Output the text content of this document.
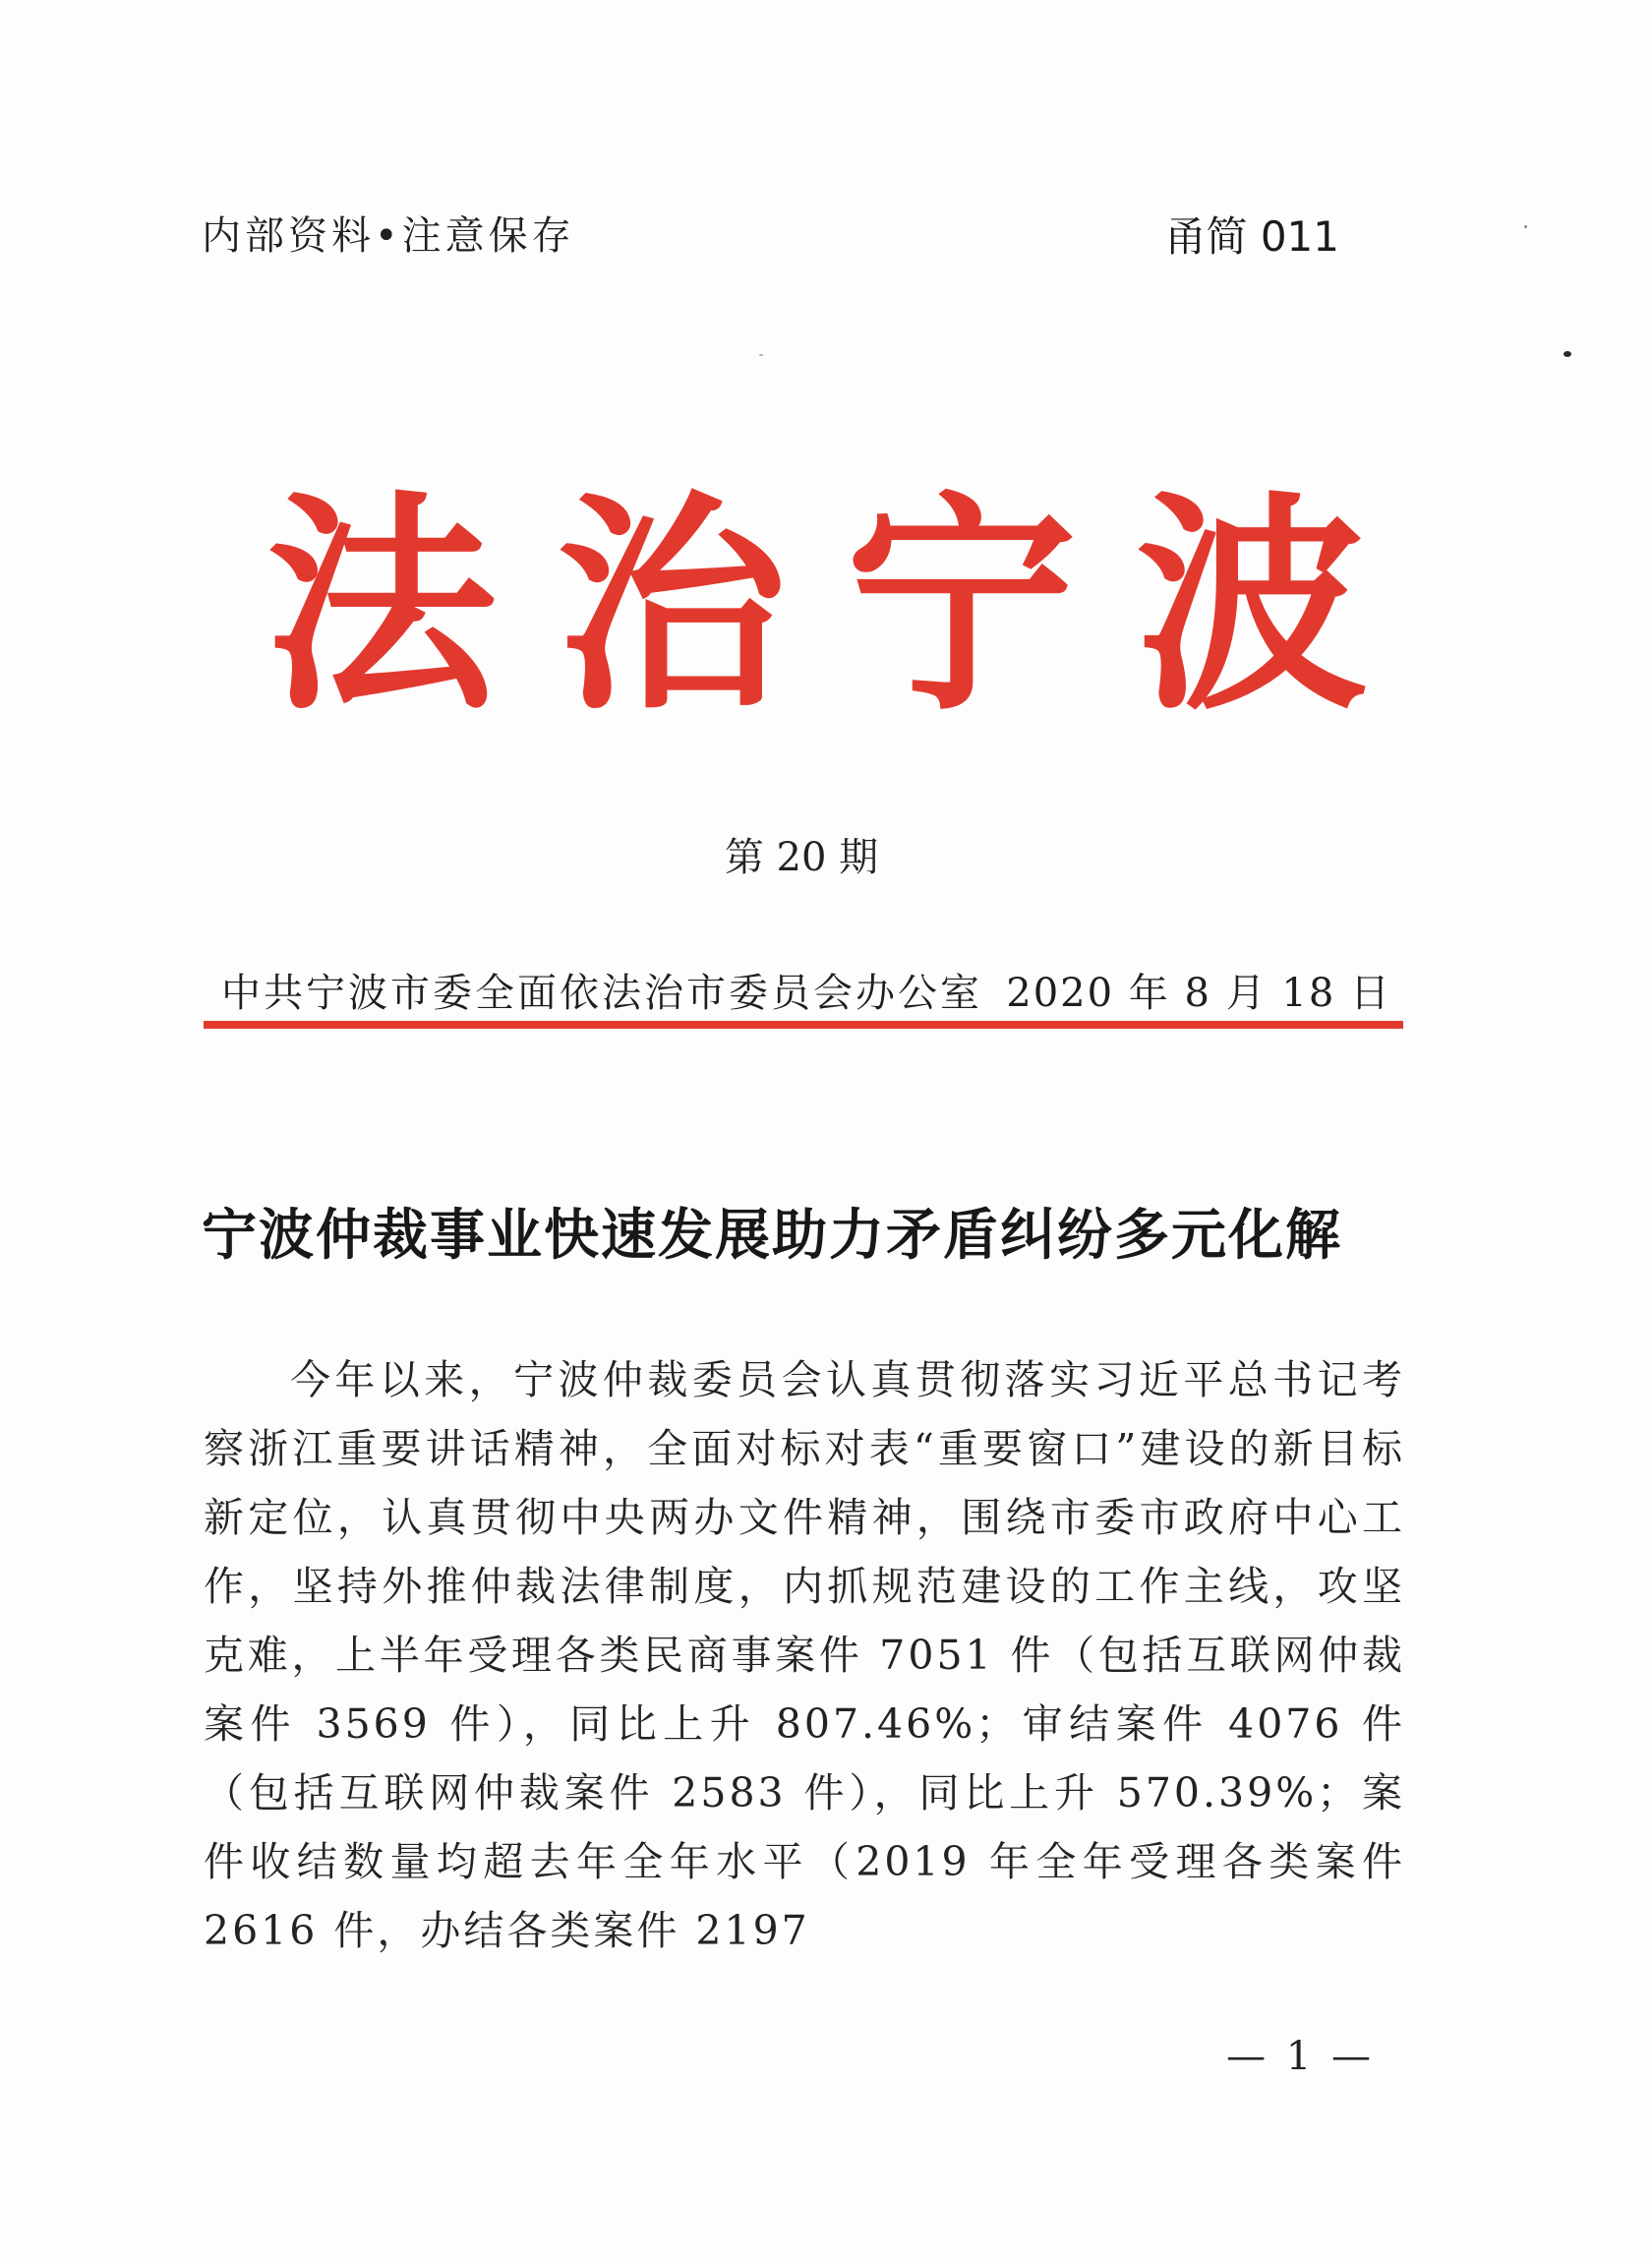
内部资料•注意保存	甬简 011
法治宁波
第 20 期
中共宁波市委全面依法治市委员会办公室 2020 年 8 月 18 日
宁波仲裁事业快速发展助力矛盾纠纷多元化解

今年以来，宁波仲裁委员会认真贯彻落实习近平总书记考察浙江重要讲话精神，全面对标对表“重要窗口”建设的新目标新定位，认真贯彻中央两办文件精神，围绕市委市政府中心工作，坚持外推仲裁法律制度，内抓规范建设的工作主线，攻坚克难，上半年受理各类民商事案件 7051 件（包括互联网仲裁案件 3569 件），同比上升 807.46%；审结案件 4076 件（包括互联网仲裁案件 2583 件），同比上升 570.39%；案件收结数量均超去年全年水平（2019 年全年受理各类案件 2616 件，办结各类案件 2197

— 1 —
